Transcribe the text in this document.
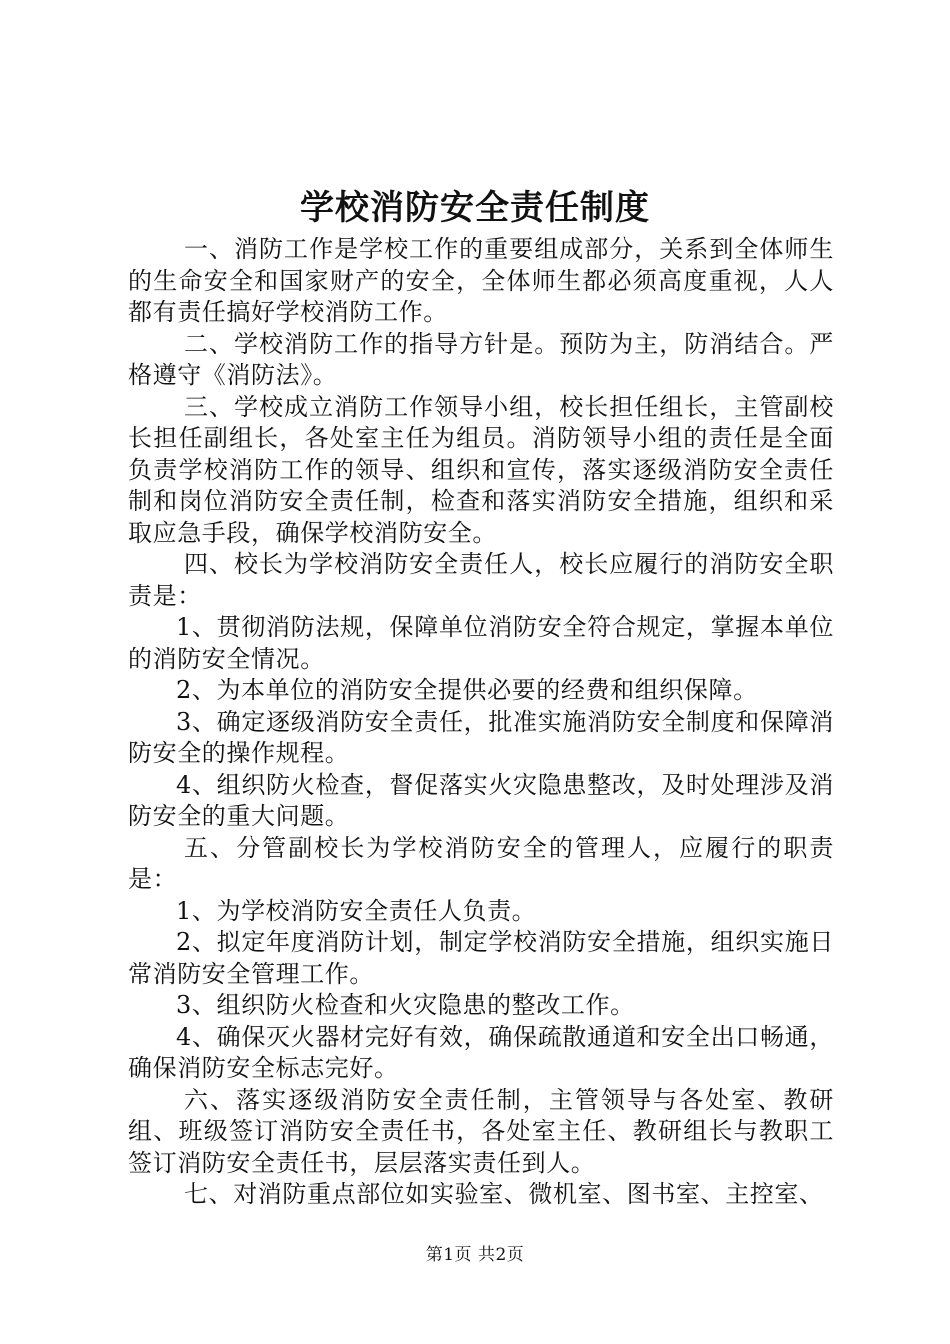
学校消防安全责任制度

一、消防工作是学校工作的重要组成部分，关系到全体师生的生命安全和国家财产的安全，全体师生都必须高度重视，人人都有责任搞好学校消防工作。

二、学校消防工作的指导方针是。预防为主，防消结合。严格遵守《消防法》。

三、学校成立消防工作领导小组，校长担任组长，主管副校长担任副组长，各处室主任为组员。消防领导小组的责任是全面负责学校消防工作的领导、组织和宣传，落实逐级消防安全责任制和岗位消防安全责任制，检查和落实消防安全措施，组织和采取应急手段，确保学校消防安全。

四、校长为学校消防安全责任人，校长应履行的消防安全职责是：

1、贯彻消防法规，保障单位消防安全符合规定，掌握本单位的消防安全情况。

2、为本单位的消防安全提供必要的经费和组织保障。

3、确定逐级消防安全责任，批准实施消防安全制度和保障消防安全的操作规程。

4、组织防火检查，督促落实火灾隐患整改，及时处理涉及消防安全的重大问题。

五、分管副校长为学校消防安全的管理人，应履行的职责是：

1、为学校消防安全责任人负责。

2、拟定年度消防计划，制定学校消防安全措施，组织实施日常消防安全管理工作。

3、组织防火检查和火灾隐患的整改工作。

4、确保灭火器材完好有效，确保疏散通道和安全出口畅通，确保消防安全标志完好。

六、落实逐级消防安全责任制，主管领导与各处室、教研组、班级签订消防安全责任书，各处室主任、教研组长与教职工签订消防安全责任书，层层落实责任到人。

七、对消防重点部位如实验室、微机室、图书室、主控室、

第1页 共2页
